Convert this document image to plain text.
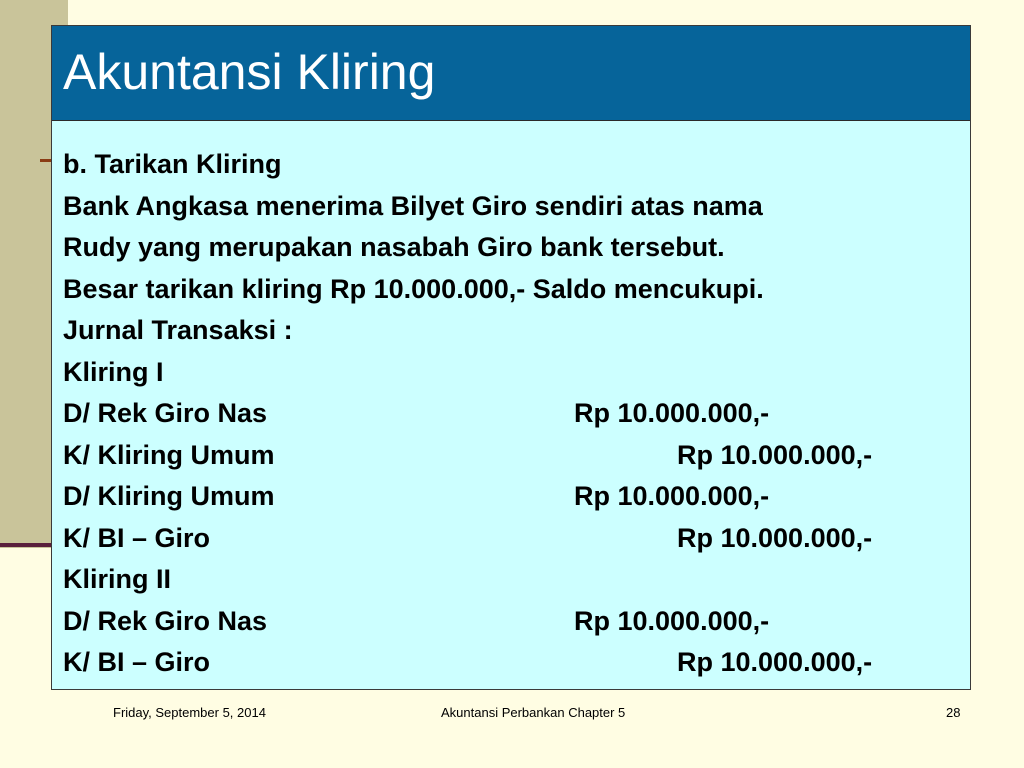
Akuntansi Kliring
b. Tarikan Kliring
Bank Angkasa menerima Bilyet Giro sendiri atas nama
Rudy yang merupakan nasabah Giro bank tersebut.
Besar tarikan kliring Rp 10.000.000,- Saldo mencukupi.
Jurnal Transaksi :
Kliring I
D/ Rek Giro Nas	Rp 10.000.000,-
K/ Kliring Umum	Rp 10.000.000,-
D/ Kliring Umum	Rp 10.000.000,-
K/ BI – Giro	Rp 10.000.000,-
Kliring II
D/ Rek Giro Nas	Rp 10.000.000,-
K/ BI – Giro	Rp 10.000.000,-
Friday, September 5, 2014	Akuntansi Perbankan Chapter 5	28
